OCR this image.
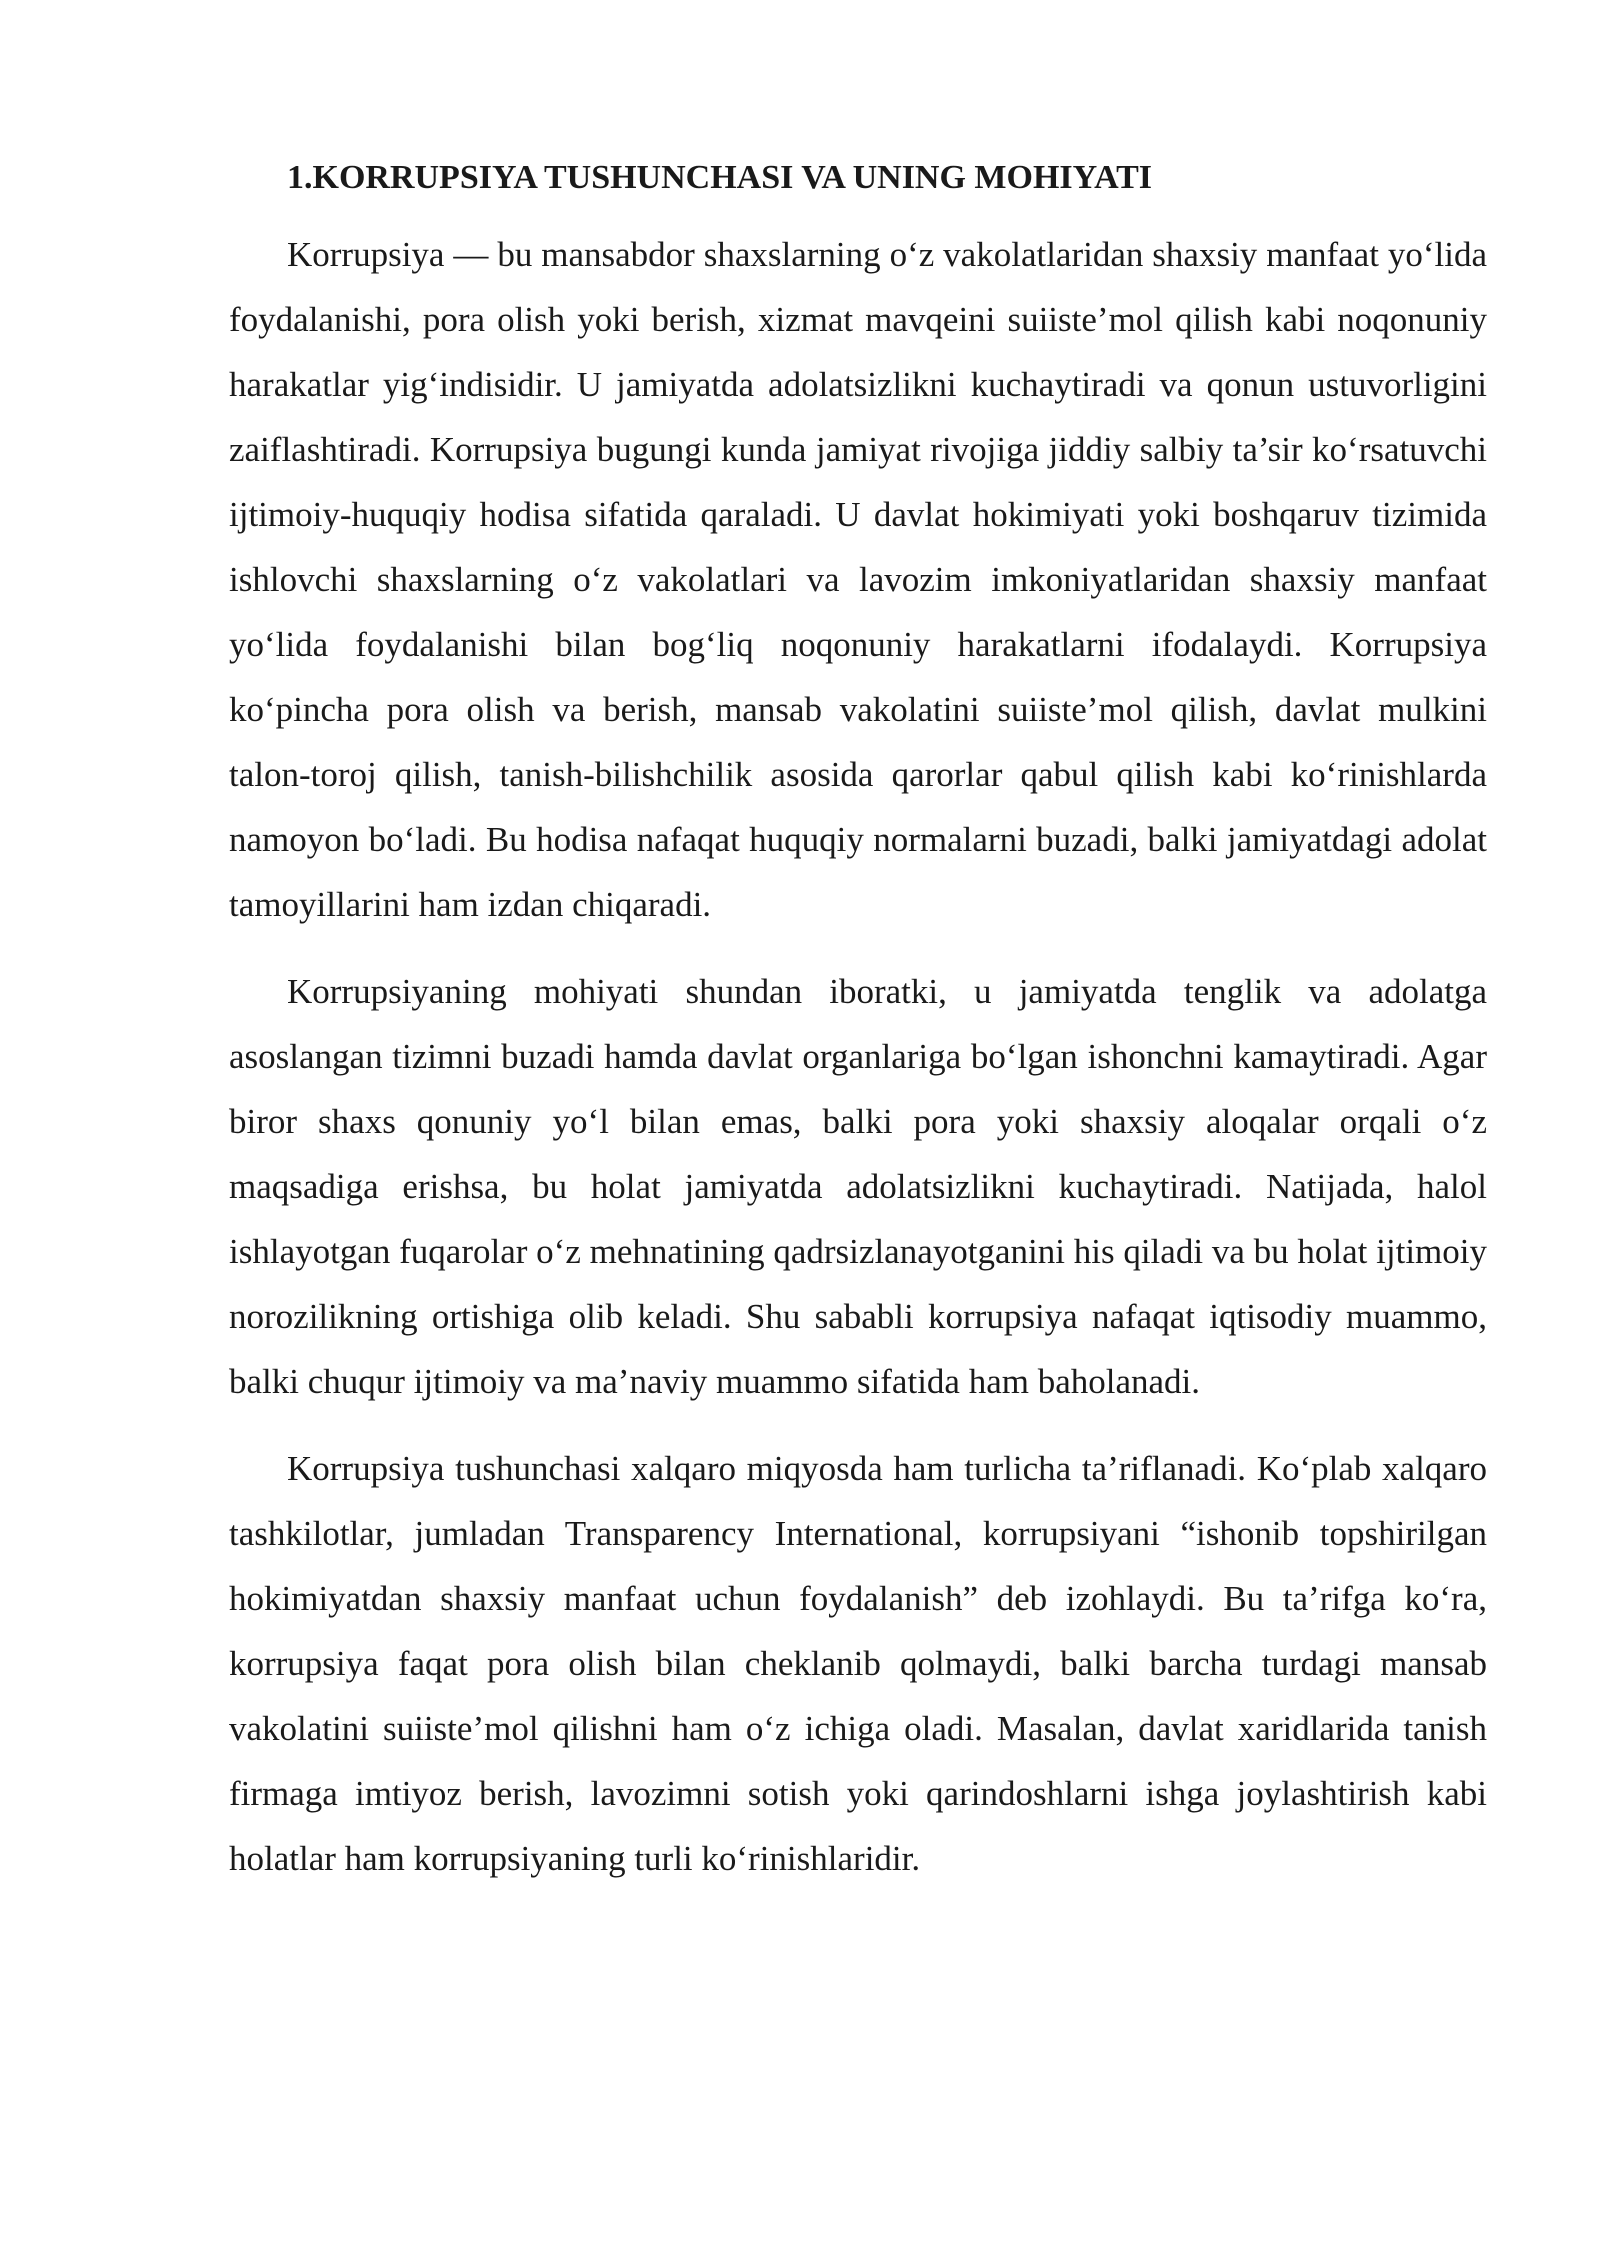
1.KORRUPSIYA TUSHUNCHASI VA UNING MOHIYATI

Korrupsiya — bu mansabdor shaxslarning o‘z vakolatlaridan shaxsiy manfaat yo‘lida foydalanishi, pora olish yoki berish, xizmat mavqeini suiiste’mol qilish kabi noqonuniy harakatlar yig‘indisidir. U jamiyatda adolatsizlikni kuchaytiradi va qonun ustuvorligini zaiflashtiradi. Korrupsiya bugungi kunda jamiyat rivojiga jiddiy salbiy ta’sir ko‘rsatuvchi ijtimoiy-huquqiy hodisa sifatida qaraladi. U davlat hokimiyati yoki boshqaruv tizimida ishlovchi shaxslarning o‘z vakolatlari va lavozim imkoniyatlaridan shaxsiy manfaat yo‘lida foydalanishi bilan bog‘liq noqonuniy harakatlarni ifodalaydi. Korrupsiya ko‘pincha pora olish va berish, mansab vakolatini suiiste’mol qilish, davlat mulkini talon-toroj qilish, tanish-bilishchilik asosida qarorlar qabul qilish kabi ko‘rinishlarda namoyon bo‘ladi. Bu hodisa nafaqat huquqiy normalarni buzadi, balki jamiyatdagi adolat tamoyillarini ham izdan chiqaradi.

Korrupsiyaning mohiyati shundan iboratki, u jamiyatda tenglik va adolatga asoslangan tizimni buzadi hamda davlat organlariga bo‘lgan ishonchni kamaytiradi. Agar biror shaxs qonuniy yo‘l bilan emas, balki pora yoki shaxsiy aloqalar orqali o‘z maqsadiga erishsa, bu holat jamiyatda adolatsizlikni kuchaytiradi. Natijada, halol ishlayotgan fuqarolar o‘z mehnatining qadrsizlanayotganini his qiladi va bu holat ijtimoiy norozilikning ortishiga olib keladi. Shu sababli korrupsiya nafaqat iqtisodiy muammo, balki chuqur ijtimoiy va ma’naviy muammo sifatida ham baholanadi.

Korrupsiya tushunchasi xalqaro miqyosda ham turlicha ta’riflanadi. Ko‘plab xalqaro tashkilotlar, jumladan Transparency International, korrupsiyani “ishonib topshirilgan hokimiyatdan shaxsiy manfaat uchun foydalanish” deb izohlaydi. Bu ta’rifga ko‘ra, korrupsiya faqat pora olish bilan cheklanib qolmaydi, balki barcha turdagi mansab vakolatini suiiste’mol qilishni ham o‘z ichiga oladi. Masalan, davlat xaridlarida tanish firmaga imtiyoz berish, lavozimni sotish yoki qarindoshlarni ishga joylashtirish kabi holatlar ham korrupsiyaning turli ko‘rinishlaridir.
